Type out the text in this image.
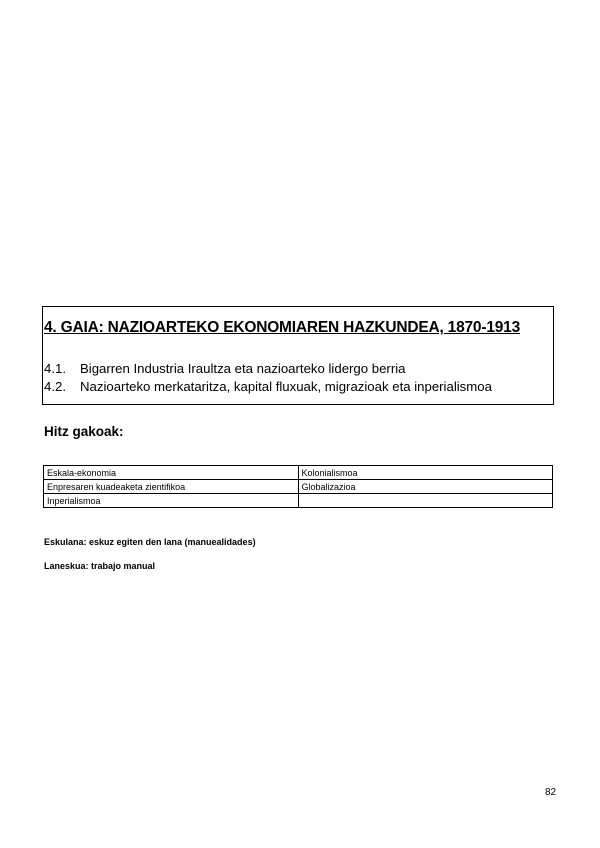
4. GAIA: NAZIOARTEKO EKONOMIAREN HAZKUNDEA, 1870-1913
4.1. Bigarren Industria Iraultza eta nazioarteko lidergo berria
4.2. Nazioarteko merkataritza, kapital fluxuak, migrazioak eta inperialismoa
Hitz gakoak:
Eskala-ekonomia	Kolonialismoa
Enpresaren kuadeaketa zientifikoa	Globalizazioa
Inperialismoa	
Eskulana: eskuz egiten den lana (manuealidades)
Laneskua: trabajo manual
82
